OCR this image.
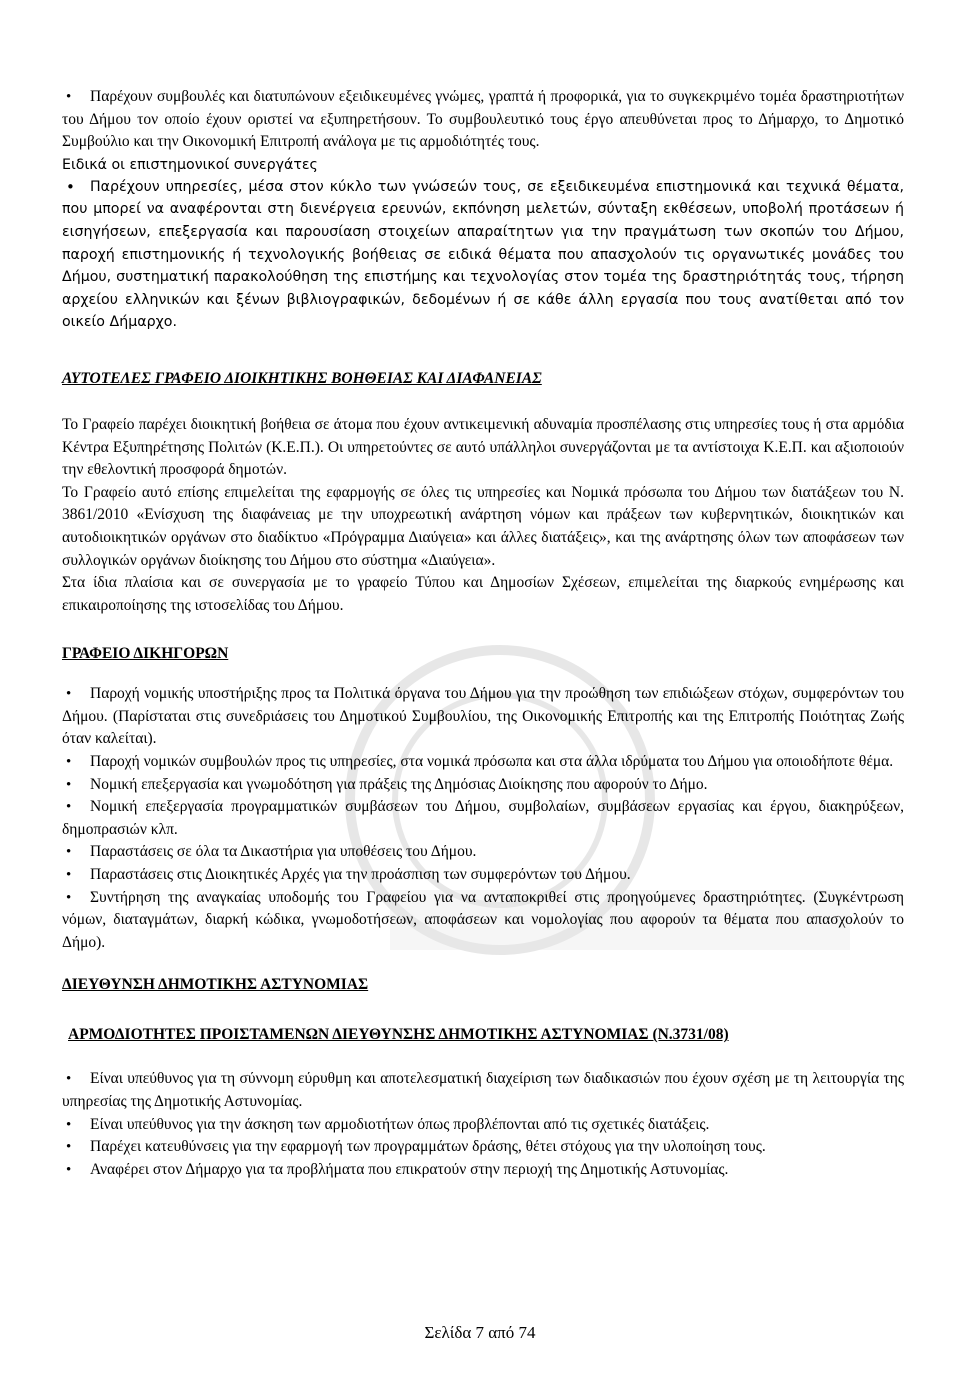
• Παρέχουν συμβουλές και διατυπώνουν εξειδικευμένες γνώμες, γραπτά ή προφορικά, για το συγκεκριμένο τομέα δραστηριοτήτων του Δήμου τον οποίο έχουν οριστεί να εξυπηρετήσουν. Το συμβουλευτικό τους έργο απευθύνεται προς το Δήμαρχο, το Δημοτικό Συμβούλιο και την Οικονομική Επιτροπή ανάλογα με τις αρμοδιότητές τους.

Ειδικά οι επιστημονικοί συνεργάτες

• Παρέχουν υπηρεσίες, μέσα στον κύκλο των γνώσεών τους, σε εξειδικευμένα επιστημονικά και τεχνικά θέματα, που μπορεί να αναφέρονται στη διενέργεια ερευνών, εκπόνηση μελετών, σύνταξη εκθέσεων, υποβολή προτάσεων ή εισηγήσεων, επεξεργασία και παρουσίαση στοιχείων απαραίτητων για την πραγμάτωση των σκοπών του Δήμου, παροχή επιστημονικής ή τεχνολογικής βοήθειας σε ειδικά θέματα που απασχολούν τις οργανωτικές μονάδες του Δήμου, συστηματική παρακολούθηση της επιστήμης και τεχνολογίας στον τομέα της δραστηριότητάς τους, τήρηση αρχείου ελληνικών και ξένων βιβλιογραφικών, δεδομένων ή σε κάθε άλλη εργασία που τους ανατίθεται από τον οικείο Δήμαρχο.

ΑΥΤΟΤΕΛΕΣ ΓΡΑΦΕΙΟ ΔΙΟΙΚΗΤΙΚΗΣ ΒΟΗΘΕΙΑΣ ΚΑΙ ΔΙΑΦΑΝΕΙΑΣ

Το Γραφείο παρέχει διοικητική βοήθεια σε άτομα που έχουν αντικειμενική αδυναμία προσπέλασης στις υπηρεσίες τους ή στα αρμόδια Κέντρα Εξυπηρέτησης Πολιτών (Κ.Ε.Π.). Οι υπηρετούντες σε αυτό υπάλληλοι συνεργάζονται με τα αντίστοιχα Κ.Ε.Π. και αξιοποιούν την εθελοντική προσφορά δημοτών.

Το Γραφείο αυτό επίσης επιμελείται της εφαρμογής σε όλες τις υπηρεσίες και Νομικά πρόσωπα του Δήμου των διατάξεων του Ν. 3861/2010 «Ενίσχυση της διαφάνειας με την υποχρεωτική ανάρτηση νόμων και πράξεων των κυβερνητικών, διοικητικών και αυτοδιοικητικών οργάνων στο διαδίκτυο «Πρόγραμμα Διαύγεια» και άλλες διατάξεις», και της ανάρτησης όλων των αποφάσεων των συλλογικών οργάνων διοίκησης του Δήμου στο σύστημα «Διαύγεια».

Στα ίδια πλαίσια και σε συνεργασία με το γραφείο Τύπου και Δημοσίων Σχέσεων, επιμελείται της διαρκούς ενημέρωσης και επικαιροποίησης της ιστοσελίδας του Δήμου.

ΓΡΑΦΕΙΟ ΔΙΚΗΓΟΡΩΝ

• Παροχή νομικής υποστήριξης προς τα Πολιτικά όργανα του Δήμου για την προώθηση των επιδιώξεων στόχων, συμφερόντων του Δήμου. (Παρίσταται στις συνεδριάσεις του Δημοτικού Συμβουλίου, της Οικονομικής Επιτροπής και της Επιτροπής Ποιότητας Ζωής όταν καλείται).
• Παροχή νομικών συμβουλών προς τις υπηρεσίες, στα νομικά πρόσωπα και στα άλλα ιδρύματα του Δήμου για οποιοδήποτε θέμα.
• Νομική επεξεργασία και γνωμοδότηση για πράξεις της Δημόσιας Διοίκησης που αφορούν το Δήμο.
• Νομική επεξεργασία προγραμματικών συμβάσεων του Δήμου, συμβολαίων, συμβάσεων εργασίας και έργου, διακηρύξεων, δημοπρασιών κλπ.
• Παραστάσεις σε όλα τα Δικαστήρια για υποθέσεις του Δήμου.
• Παραστάσεις στις Διοικητικές Αρχές για την προάσπιση των συμφερόντων του Δήμου.
• Συντήρηση της αναγκαίας υποδομής του Γραφείου για να ανταποκριθεί στις προηγούμενες δραστηριότητες. (Συγκέντρωση νόμων, διαταγμάτων, διαρκή κώδικα, γνωμοδοτήσεων, αποφάσεων και νομολογίας που αφορούν τα θέματα που απασχολούν το Δήμο).

ΔΙΕΥΘΥΝΣΗ ΔΗΜΟΤΙΚΗΣ ΑΣΤΥΝΟΜΙΑΣ

ΑΡΜΟΔΙΟΤΗΤΕΣ ΠΡΟΙΣΤΑΜΕΝΩΝ ΔΙΕΥΘΥΝΣΗΣ ΔΗΜΟΤΙΚΗΣ ΑΣΤΥΝΟΜΙΑΣ (Ν.3731/08)

• Είναι υπεύθυνος για τη σύννομη εύρυθμη και αποτελεσματική διαχείριση των διαδικασιών που έχουν σχέση με τη λειτουργία της υπηρεσίας της Δημοτικής Αστυνομίας.
• Είναι υπεύθυνος για την άσκηση των αρμοδιοτήτων όπως προβλέπονται από τις σχετικές διατάξεις.
• Παρέχει κατευθύνσεις για την εφαρμογή των προγραμμάτων δράσης, θέτει στόχους για την υλοποίηση τους.
• Αναφέρει στον Δήμαρχο για τα προβλήματα που επικρατούν στην περιοχή της Δημοτικής Αστυνομίας.
Σελίδα 7 από 74
